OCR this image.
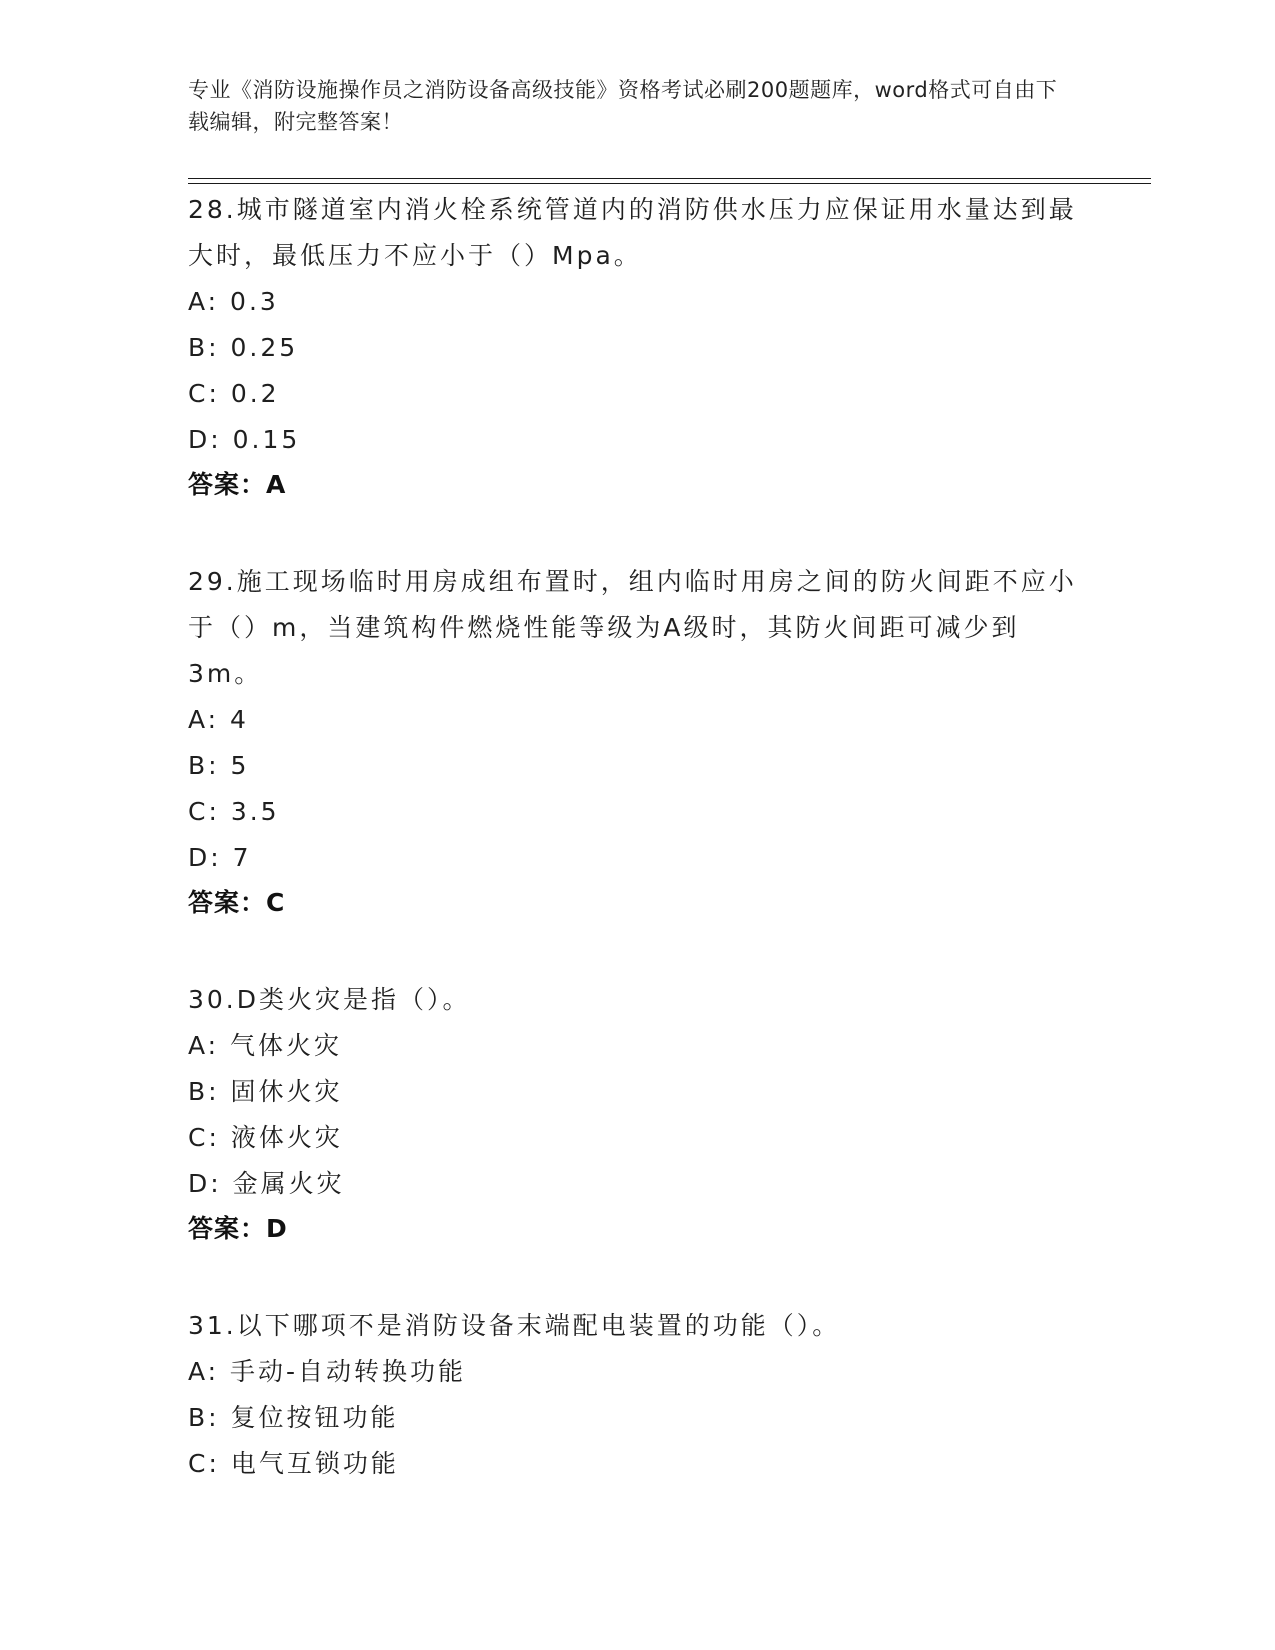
专业《消防设施操作员之消防设备高级技能》资格考试必刷200题题库，word格式可自由下载编辑，附完整答案！

28.城市隧道室内消火栓系统管道内的消防供水压力应保证用水量达到最大时，最低压力不应小于（）Mpa。

A: 0.3

B: 0.25

C: 0.2

D: 0.15

答案：A

29.施工现场临时用房成组布置时，组内临时用房之间的防火间距不应小于（）m，当建筑构件燃烧性能等级为A级时，其防火间距可减少到3m。

A: 4

B: 5

C: 3.5

D: 7

答案：C

30.D类火灾是指（）。

A: 气体火灾

B: 固休火灾

C: 液体火灾

D: 金属火灾

答案：D

31.以下哪项不是消防设备末端配电装置的功能（）。

A: 手动-自动转换功能

B: 复位按钮功能

C: 电气互锁功能
